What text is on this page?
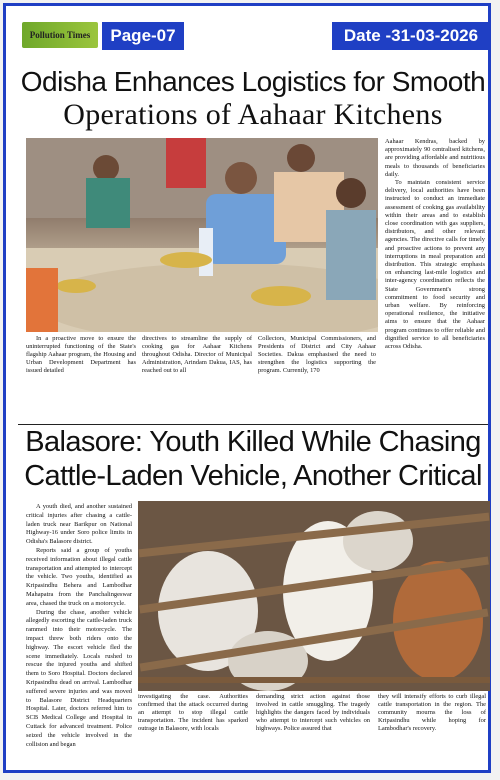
Pollution Times	Page-07	Date -31-03-2026
Odisha Enhances Logistics for Smooth
Operations of Aahaar Kitchens

In a proactive move to ensure the uninterrupted functioning of the State's flagship Aahaar program, the Housing and Urban Development Department has issued detailed

directives to streamline the supply of cooking gas for Aahaar Kitchens throughout Odisha. Director of Municipal Administration, Arindam Dakua, IAS, has reached out to all

Collectors, Municipal Commissioners, and Presidents of District and City Aahaar Societies. Dakua emphasised the need to strengthen the logistics supporting the program. Currently, 170

Aahaar Kendras, backed by approximately 90 centralised kitchens, are providing affordable and nutritious meals to thousands of beneficiaries daily.

To maintain consistent service delivery, local authorities have been instructed to conduct an immediate assessment of cooking gas availability within their areas and to establish close coordination with gas suppliers, distributors, and other relevant agencies. The directive calls for timely and proactive actions to prevent any interruptions in meal preparation and distribution. This strategic emphasis on enhancing last-mile logistics and inter-agency coordination reflects the State Government's strong commitment to food security and urban welfare. By reinforcing operational resilience, the initiative aims to ensure that the Aahaar program continues to offer reliable and dignified service to all beneficiaries across Odisha.

Balasore: Youth Killed While Chasing
Cattle-Laden Vehicle, Another Critical

A youth died, and another sustained critical injuries after chasing a cattle-laden truck near Barikpur on National Highway-16 under Soro police limits in Odisha's Balasore district.

Reports said a group of youths received information about illegal cattle transportation and attempted to intercept the vehicle. Two youths, identified as Kripasindhu Behera and Lambodhar Mahapatra from the Panchalingeswar area, chased the truck on a motorcycle.

During the chase, another vehicle allegedly escorting the cattle-laden truck rammed into their motorcycle. The impact threw both riders onto the highway. The escort vehicle fled the scene immediately. Locals rushed to rescue the injured youths and shifted them to Soro Hospital. Doctors declared Kripasindhu dead on arrival. Lambodhar suffered severe injuries and was moved to Balasore District Headquarters Hospital. Later, doctors referred him to SCB Medical College and Hospital in Cuttack for advanced treatment. Police seized the vehicle involved in the collision and began

investigating the case. Authorities confirmed that the attack occurred during an attempt to stop illegal cattle transportation. The incident has sparked outrage in Balasore, with locals

demanding strict action against those involved in cattle smuggling. The tragedy highlights the dangers faced by individuals who attempt to intercept such vehicles on highways. Police assured that

they will intensify efforts to curb illegal cattle transportation in the region. The community mourns the loss of Kripasindhu while hoping for Lambodhar's recovery.
